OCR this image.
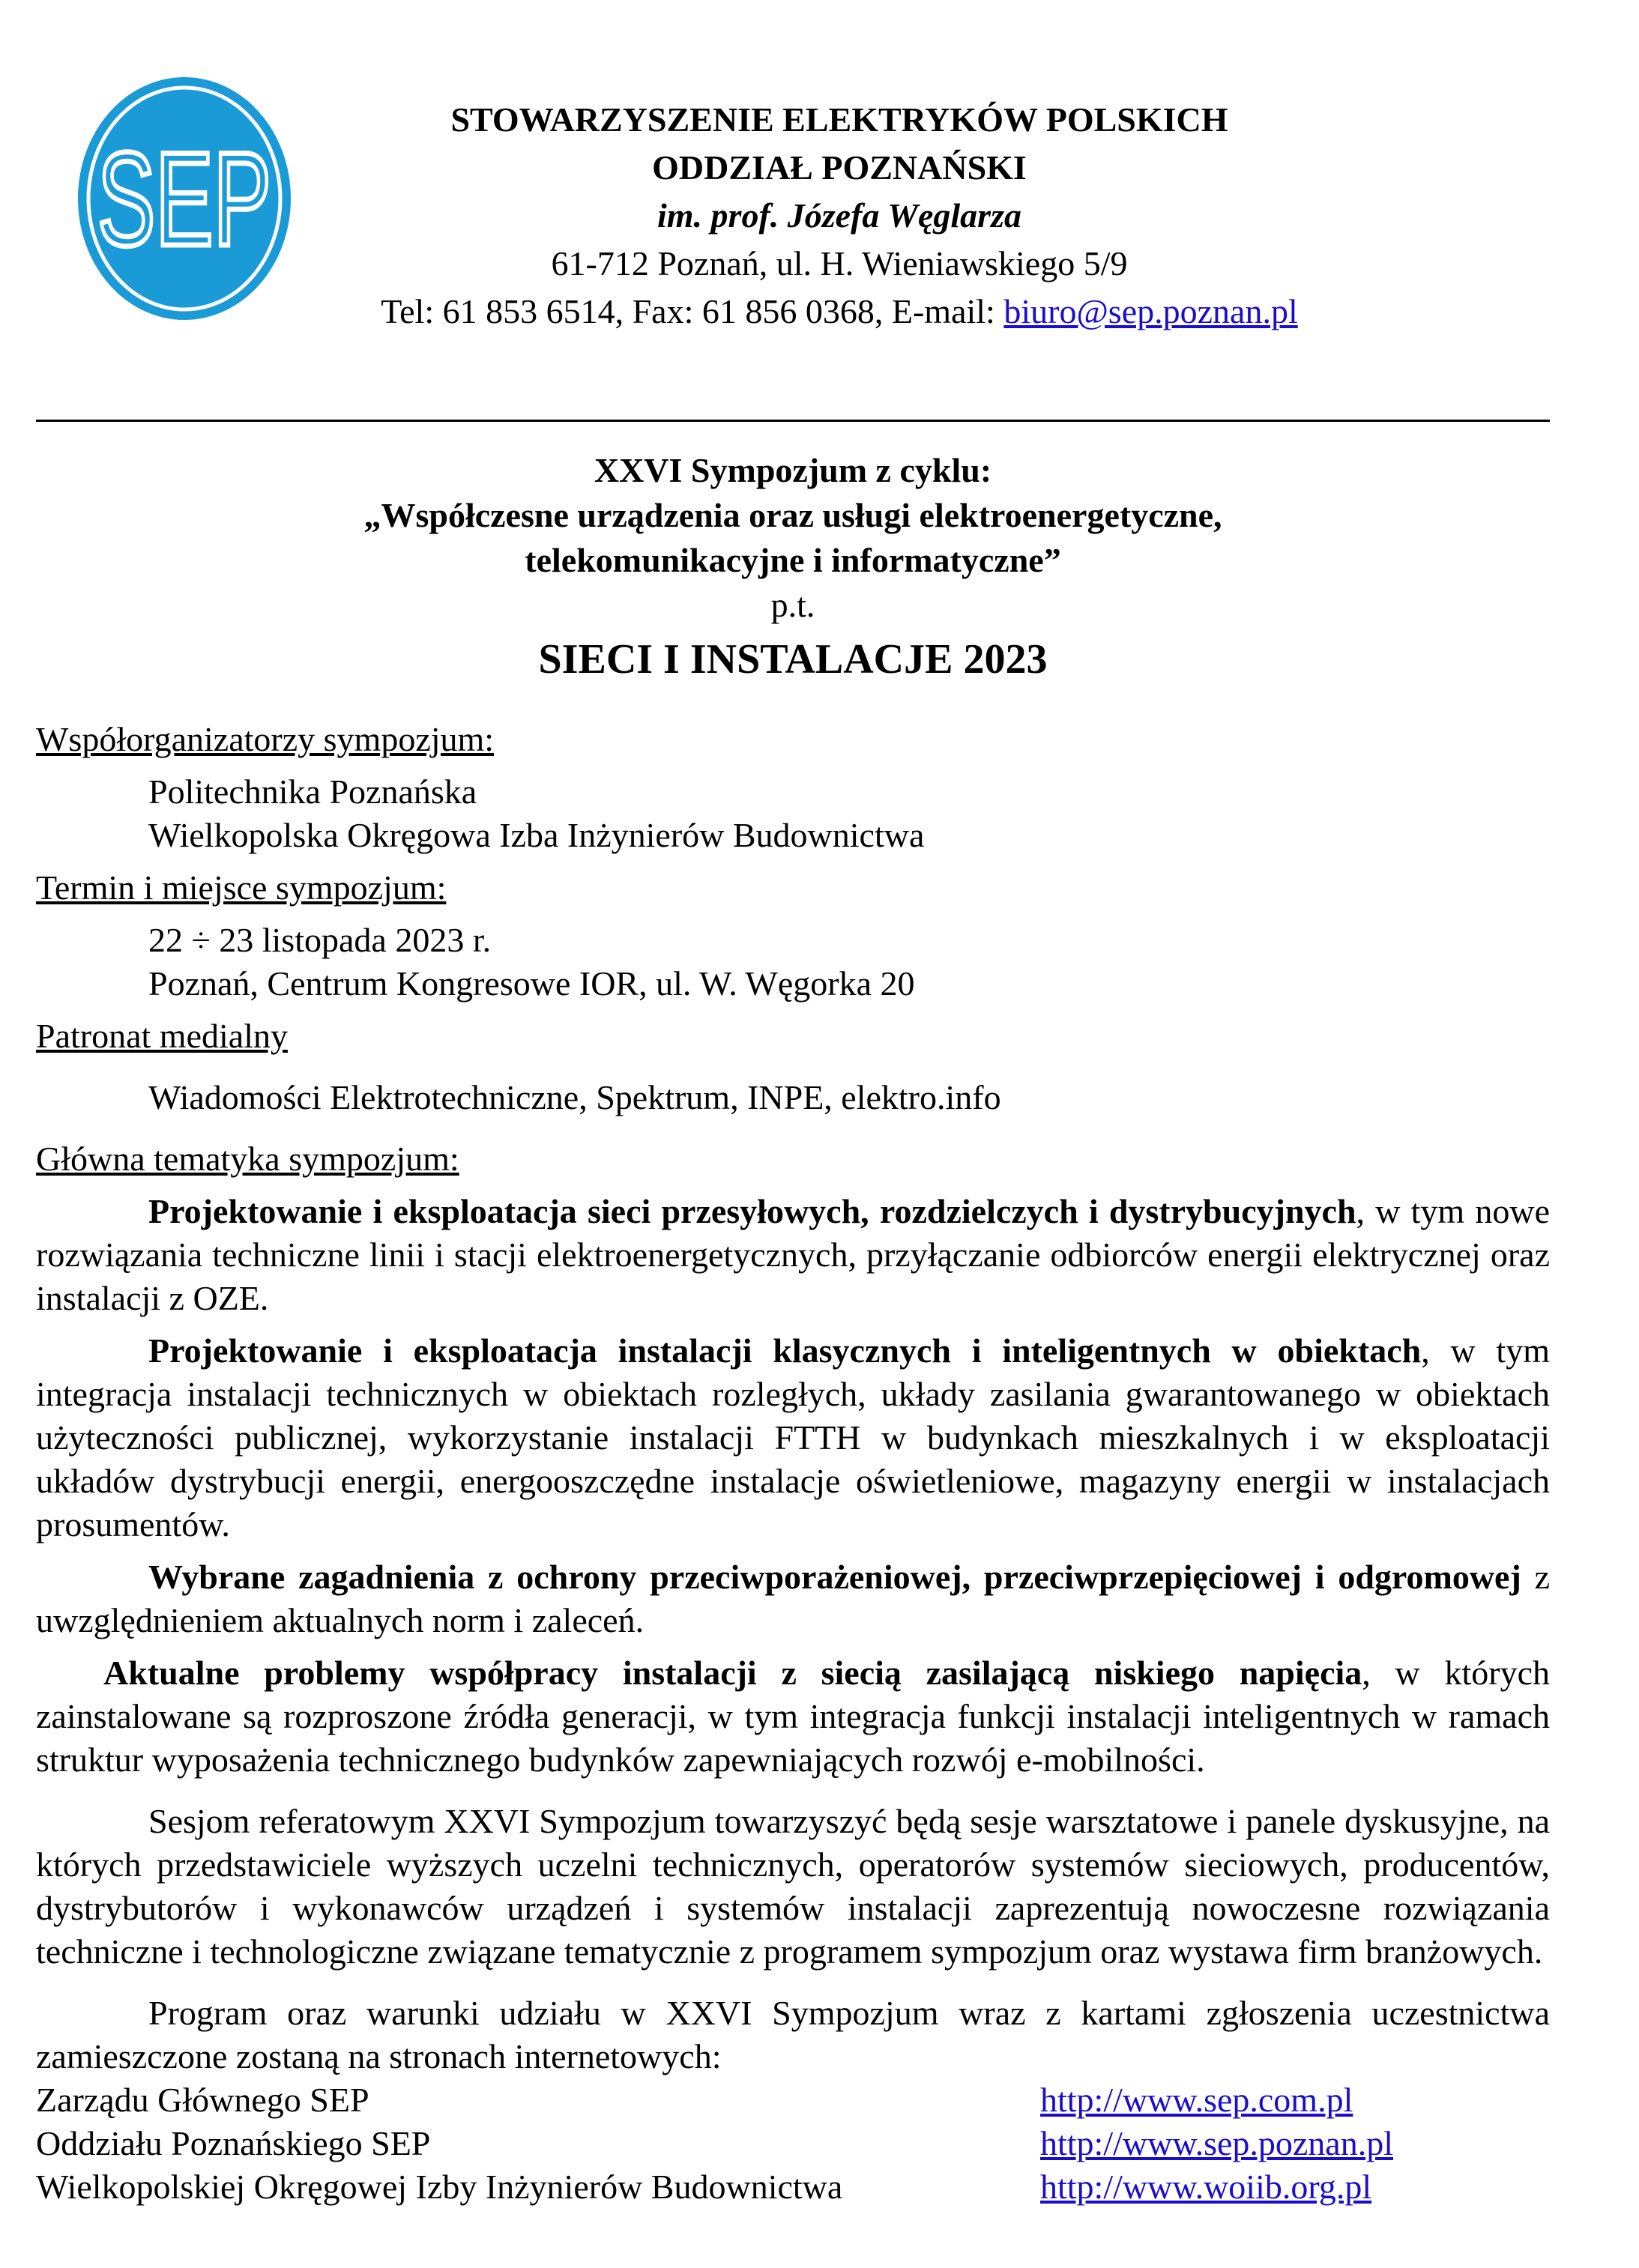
SEP
STOWARZYSZENIE ELEKTRYKÓW POLSKICH
ODDZIAŁ POZNAŃSKI
im. prof. Józefa Węglarza
61-712 Poznań, ul. H. Wieniawskiego 5/9
Tel: 61 853 6514, Fax: 61 856 0368, E-mail: biuro@sep.poznan.pl
XXVI Sympozjum z cyklu:
„Współczesne urządzenia oraz usługi elektroenergetyczne,
telekomunikacyjne i informatyczne”
p.t.
SIECI I INSTALACJE 2023
Współorganizatorzy sympozjum:
Politechnika Poznańska
Wielkopolska Okręgowa Izba Inżynierów Budownictwa
Termin i miejsce sympozjum:
22 ÷ 23 listopada 2023 r.
Poznań, Centrum Kongresowe IOR, ul. W. Węgorka 20
Patronat medialny
Wiadomości Elektrotechniczne, Spektrum, INPE, elektro.info
Główna tematyka sympozjum:

Projektowanie i eksploatacja sieci przesyłowych, rozdzielczych i dystrybucyjnych, w tym nowe rozwiązania techniczne linii i stacji elektroenergetycznych, przyłączanie odbiorców energii elektrycznej oraz instalacji z OZE.

Projektowanie i eksploatacja instalacji klasycznych i inteligentnych w obiektach, w tym integracja instalacji technicznych w obiektach rozległych, układy zasilania gwarantowanego w obiektach użyteczności publicznej, wykorzystanie instalacji FTTH w budynkach mieszkalnych i w eksploatacji układów dystrybucji energii, energooszczędne instalacje oświetleniowe, magazyny energii w instalacjach prosumentów.

Wybrane zagadnienia z ochrony przeciwporażeniowej, przeciwprzepięciowej i odgromowej z uwzględnieniem aktualnych norm i zaleceń.

Aktualne problemy współpracy instalacji z siecią zasilającą niskiego napięcia, w których zainstalowane są rozproszone źródła generacji, w tym integracja funkcji instalacji inteligentnych w ramach struktur wyposażenia technicznego budynków zapewniających rozwój e-mobilności.

Sesjom referatowym XXVI Sympozjum towarzyszyć będą sesje warsztatowe i panele dyskusyjne, na których przedstawiciele wyższych uczelni technicznych, operatorów systemów sieciowych, producentów, dystrybutorów i wykonawców urządzeń i systemów instalacji zaprezentują nowoczesne rozwiązania techniczne i technologiczne związane tematycznie z programem sympozjum oraz wystawa firm branżowych.

Program oraz warunki udziału w XXVI Sympozjum wraz z kartami zgłoszenia uczestnictwa zamieszczone zostaną na stronach internetowych:

Zarządu Głównego SEP	http://www.sep.com.pl
Oddziału Poznańskiego SEP	http://www.sep.poznan.pl
Wielkopolskiej Okręgowej Izby Inżynierów Budownictwa	http://www.woiib.org.pl
